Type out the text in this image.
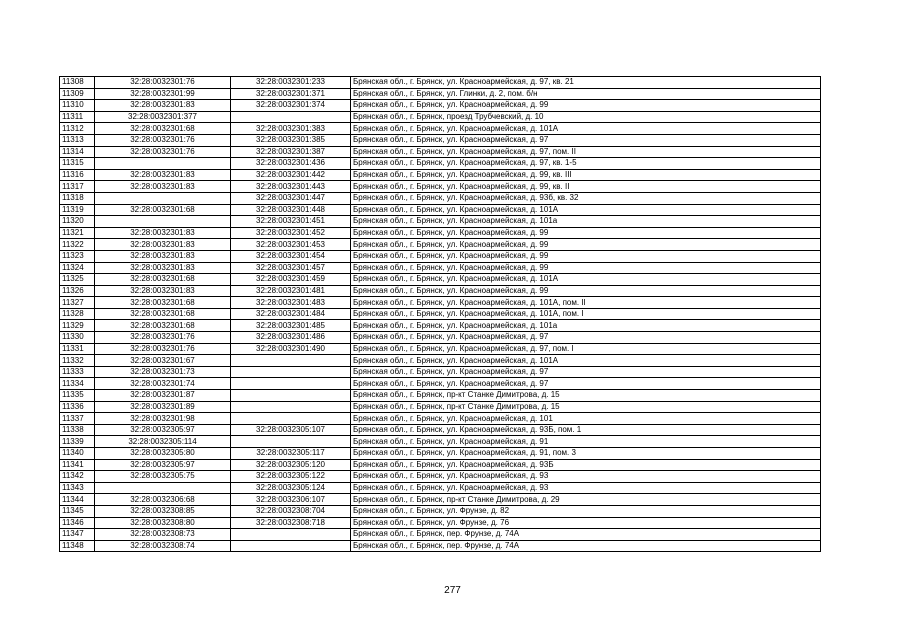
11308	32:28:0032301:76	32:28:0032301:233	Брянская обл., г. Брянск, ул. Красноармейская, д. 97, кв. 21
11309	32:28:0032301:99	32:28:0032301:371	Брянская обл., г. Брянск, ул. Глинки, д. 2, пом. б/н
11310	32:28:0032301:83	32:28:0032301:374	Брянская обл., г. Брянск, ул. Красноармейская, д. 99
11311	32:28:0032301:377		Брянская обл., г. Брянск, проезд Трубчевский, д. 10
11312	32:28:0032301:68	32:28:0032301:383	Брянская обл., г. Брянск, ул. Красноармейская, д. 101А
11313	32:28:0032301:76	32:28:0032301:385	Брянская обл., г. Брянск, ул. Красноармейская, д. 97
11314	32:28:0032301:76	32:28:0032301:387	Брянская обл., г. Брянск, ул. Красноармейская, д. 97, пом. II
11315		32:28:0032301:436	Брянская обл., г. Брянск, ул. Красноармейская, д. 97, кв. 1-5
11316	32:28:0032301:83	32:28:0032301:442	Брянская обл., г. Брянск, ул. Красноармейская, д. 99, кв. III
11317	32:28:0032301:83	32:28:0032301:443	Брянская обл., г. Брянск, ул. Красноармейская, д. 99, кв. II
11318		32:28:0032301:447	Брянская обл., г. Брянск, ул. Красноармейская, д. 93б, кв. 32
11319	32:28:0032301:68	32:28:0032301:448	Брянская обл., г. Брянск, ул. Красноармейская, д. 101А
11320		32:28:0032301:451	Брянская обл., г. Брянск, ул. Красноармейская, д. 101а
11321	32:28:0032301:83	32:28:0032301:452	Брянская обл., г. Брянск, ул. Красноармейская, д. 99
11322	32:28:0032301:83	32:28:0032301:453	Брянская обл., г. Брянск, ул. Красноармейская, д. 99
11323	32:28:0032301:83	32:28:0032301:454	Брянская обл., г. Брянск, ул. Красноармейская, д. 99
11324	32:28:0032301:83	32:28:0032301:457	Брянская обл., г. Брянск, ул. Красноармейская, д. 99
11325	32:28:0032301:68	32:28:0032301:459	Брянская обл., г. Брянск, ул. Красноармейская, д. 101А
11326	32:28:0032301:83	32:28:0032301:481	Брянская обл., г. Брянск, ул. Красноармейская, д. 99
11327	32:28:0032301:68	32:28:0032301:483	Брянская обл., г. Брянск, ул. Красноармейская, д. 101А, пом. II
11328	32:28:0032301:68	32:28:0032301:484	Брянская обл., г. Брянск, ул. Красноармейская, д. 101А, пом. I
11329	32:28:0032301:68	32:28:0032301:485	Брянская обл., г. Брянск, ул. Красноармейская, д. 101а
11330	32:28:0032301:76	32:28:0032301:486	Брянская обл., г. Брянск, ул. Красноармейская, д. 97
11331	32:28:0032301:76	32:28:0032301:490	Брянская обл., г. Брянск, ул. Красноармейская, д. 97, пом. I
11332	32:28:0032301:67		Брянская обл., г. Брянск, ул. Красноармейская, д. 101А
11333	32:28:0032301:73		Брянская обл., г. Брянск, ул. Красноармейская, д. 97
11334	32:28:0032301:74		Брянская обл., г. Брянск, ул. Красноармейская, д. 97
11335	32:28:0032301:87		Брянская обл., г. Брянск, пр-кт Станке Димитрова, д. 15
11336	32:28:0032301:89		Брянская обл., г. Брянск, пр-кт Станке Димитрова, д. 15
11337	32:28:0032301:98		Брянская обл., г. Брянск, ул. Красноармейская, д. 101
11338	32:28:0032305:97	32:28:0032305:107	Брянская обл., г. Брянск, ул. Красноармейская, д. 93Б, пом. 1
11339	32:28:0032305:114		Брянская обл., г. Брянск, ул. Красноармейская, д. 91
11340	32:28:0032305:80	32:28:0032305:117	Брянская обл., г. Брянск, ул. Красноармейская, д. 91, пом. 3
11341	32:28:0032305:97	32:28:0032305:120	Брянская обл., г. Брянск, ул. Красноармейская, д. 93Б
11342	32:28:0032305:75	32:28:0032305:122	Брянская обл., г. Брянск, ул. Красноармейская, д. 93
11343		32:28:0032305:124	Брянская обл., г. Брянск, ул. Красноармейская, д. 93
11344	32:28:0032306:68	32:28:0032306:107	Брянская обл., г. Брянск, пр-кт Станке Димитрова, д. 29
11345	32:28:0032308:85	32:28:0032308:704	Брянская обл., г. Брянск, ул. Фрунзе, д. 82
11346	32:28:0032308:80	32:28:0032308:718	Брянская обл., г. Брянск, ул. Фрунзе, д. 76
11347	32:28:0032308:73		Брянская обл., г. Брянск, пер. Фрунзе, д. 74А
11348	32:28:0032308:74		Брянская обл., г. Брянск, пер. Фрунзе, д. 74А
277
